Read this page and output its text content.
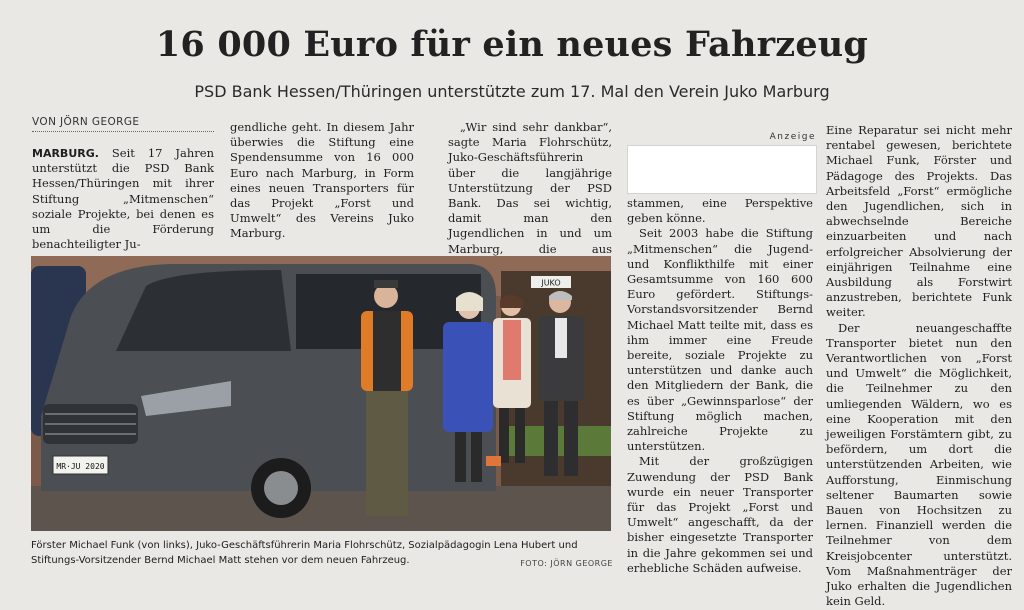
16 000 Euro für ein neues Fahrzeug
PSD Bank Hessen/Thüringen unterstützte zum 17. Mal den Verein Juko Marburg
VON JÖRN GEORGE

MARBURG. Seit 17 Jahren unterstützt die PSD Bank Hessen/Thüringen mit ihrer Stiftung „Mitmenschen“ soziale Projekte, bei denen es um die Förderung benachteiligter Ju-

gendliche geht. In diesem Jahr überwies die Stiftung eine Spendensumme von 16 000 Euro nach Marburg, in Form eines neuen Transporters für das Projekt „Forst und Umwelt“ des Vereins Juko Marburg.

„Wir sind sehr dankbar“, sagte Maria Flohrschütz, Juko-Geschäftsführerin über die langjährige Unterstützung der PSD Bank. Das sei wichtig, damit man den Jugendlichen in und um Marburg, die aus

Anzeige

stammen, eine Perspektive geben könne.

Seit 2003 habe die Stiftung „Mitmenschen“ die Jugend- und Konflikthilfe mit einer Gesamtsumme von 160 600 Euro gefördert. Stiftungs-Vorstandsvorsitzender Bernd Michael Matt teilte mit, dass es ihm immer eine Freude bereite, soziale Projekte zu unterstützen und danke auch den Mitgliedern der Bank, die es über „Gewinnsparlose“ der Stiftung möglich machen, zahlreiche Projekte zu unterstützen.

Mit der großzügigen Zuwendung der PSD Bank wurde ein neuer Transporter für das Projekt „Forst und Umwelt“ angeschafft, da der bisher eingesetzte Transporter in die Jahre gekommen sei und erhebliche Schäden aufweise.

Eine Reparatur sei nicht mehr rentabel gewesen, berichtete Michael Funk, Förster und Pädagoge des Projekts. Das Arbeitsfeld „Forst“ ermögliche den Jugendlichen, sich in abwechselnde Bereiche einzuarbeiten und nach erfolgreicher Absolvierung der einjährigen Teilnahme eine Ausbildung als Forstwirt anzustreben, berichtete Funk weiter.

Der neuangeschaffte Transporter bietet nun den Verantwortlichen von „Forst und Umwelt“ die Möglichkeit, die Teilnehmer zu den umliegenden Wäldern, wo es eine Kooperation mit den jeweiligen Forstämtern gibt, zu befördern, um dort die unterstützenden Arbeiten, wie Aufforstung, Einmischung seltener Baumarten sowie Bauen von Hochsitzen zu lernen. Finanziell werden die Teilnehmer von dem Kreisjobcenter unterstützt. Vom Maßnahmenträger der Juko erhalten die Jugendlichen kein Geld.

JUKO
MR·JU 2020
Förster Michael Funk (von links), Juko-Geschäftsführerin Maria Flohrschütz, Sozialpädagogin Lena Hubert und Stiftungs-Vorsitzender Bernd Michael Matt stehen vor dem neuen Fahrzeug.	FOTO: JÖRN GEORGE
